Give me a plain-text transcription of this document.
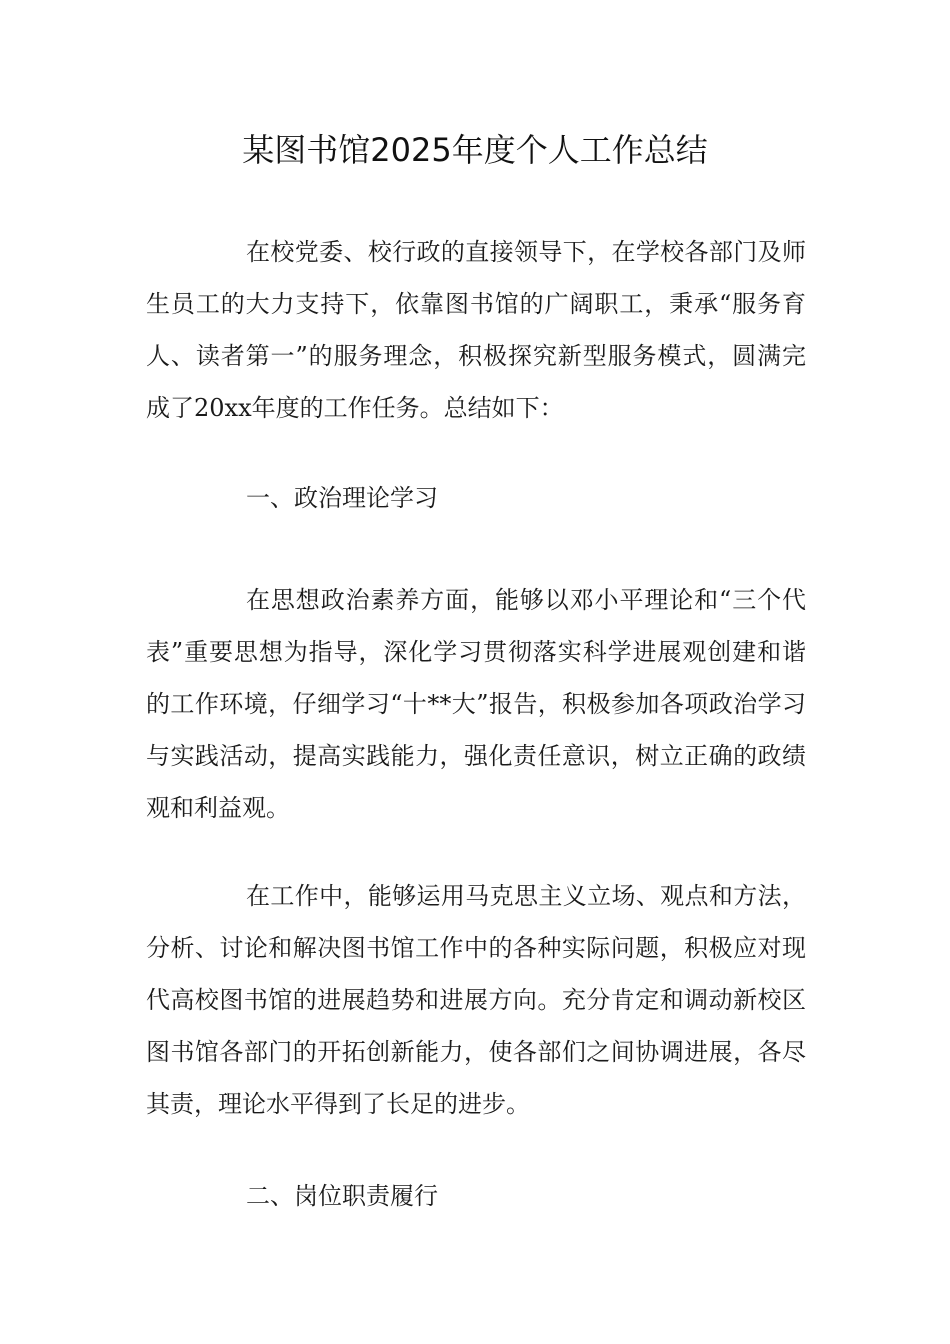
某图书馆2025年度个人工作总结

在校党委、校行政的直接领导下，在学校各部门及师生员工的大力支持下，依靠图书馆的广阔职工，秉承“服务育人、读者第一”的服务理念，积极探究新型服务模式，圆满完成了20xx年度的工作任务。总结如下：

一、政治理论学习

在思想政治素养方面，能够以邓小平理论和“三个代表”重要思想为指导，深化学习贯彻落实科学进展观创建和谐的工作环境，仔细学习“十**大”报告，积极参加各项政治学习与实践活动，提高实践能力，强化责任意识，树立正确的政绩观和利益观。

在工作中，能够运用马克思主义立场、观点和方法，分析、讨论和解决图书馆工作中的各种实际问题，积极应对现代高校图书馆的进展趋势和进展方向。充分肯定和调动新校区图书馆各部门的开拓创新能力，使各部们之间协调进展，各尽其责，理论水平得到了长足的进步。

二、岗位职责履行
